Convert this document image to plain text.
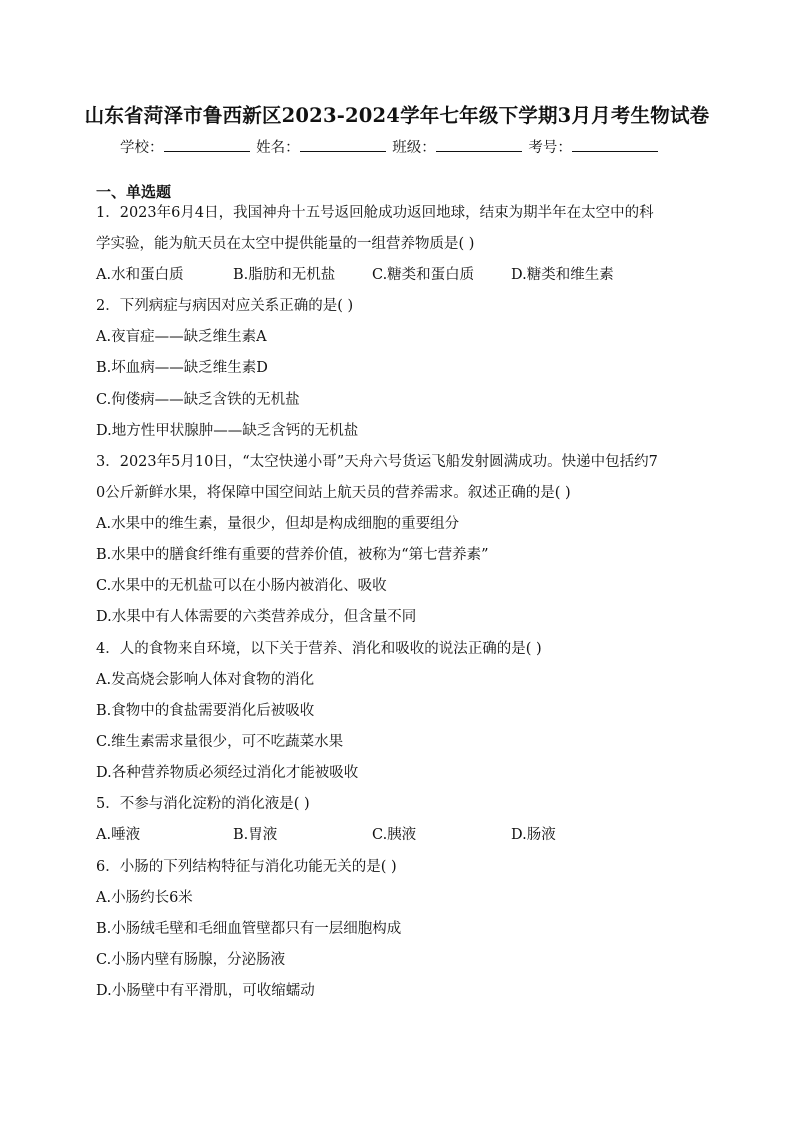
山东省菏泽市鲁西新区2023-2024学年七年级下学期3月月考生物试卷
学校：	姓名：	班级：	考号：
一、单选题
1．2023年6月4日，我国神舟十五号返回舱成功返回地球，结束为期半年在太空中的科
学实验，能为航天员在太空中提供能量的一组营养物质是( )
A.水和蛋白质	B.脂肪和无机盐	C.糖类和蛋白质	D.糖类和维生素
2．下列病症与病因对应关系正确的是( )
A.夜盲症——缺乏维生素A
B.坏血病——缺乏维生素D
C.佝偻病——缺乏含铁的无机盐
D.地方性甲状腺肿——缺乏含钙的无机盐
3．2023年5月10日，“太空快递小哥”天舟六号货运飞船发射圆满成功。快递中包括约7
0公斤新鲜水果，将保障中国空间站上航天员的营养需求。叙述正确的是( )
A.水果中的维生素，量很少，但却是构成细胞的重要组分
B.水果中的膳食纤维有重要的营养价值，被称为“第七营养素”
C.水果中的无机盐可以在小肠内被消化、吸收
D.水果中有人体需要的六类营养成分，但含量不同
4．人的食物来自环境，以下关于营养、消化和吸收的说法正确的是( )
A.发高烧会影响人体对食物的消化
B.食物中的食盐需要消化后被吸收
C.维生素需求量很少，可不吃蔬菜水果
D.各种营养物质必须经过消化才能被吸收
5．不参与消化淀粉的消化液是( )
A.唾液	B.胃液	C.胰液	D.肠液
6．小肠的下列结构特征与消化功能无关的是( )
A.小肠约长6米
B.小肠绒毛壁和毛细血管壁都只有一层细胞构成
C.小肠内壁有肠腺，分泌肠液
D.小肠壁中有平滑肌，可收缩蠕动
